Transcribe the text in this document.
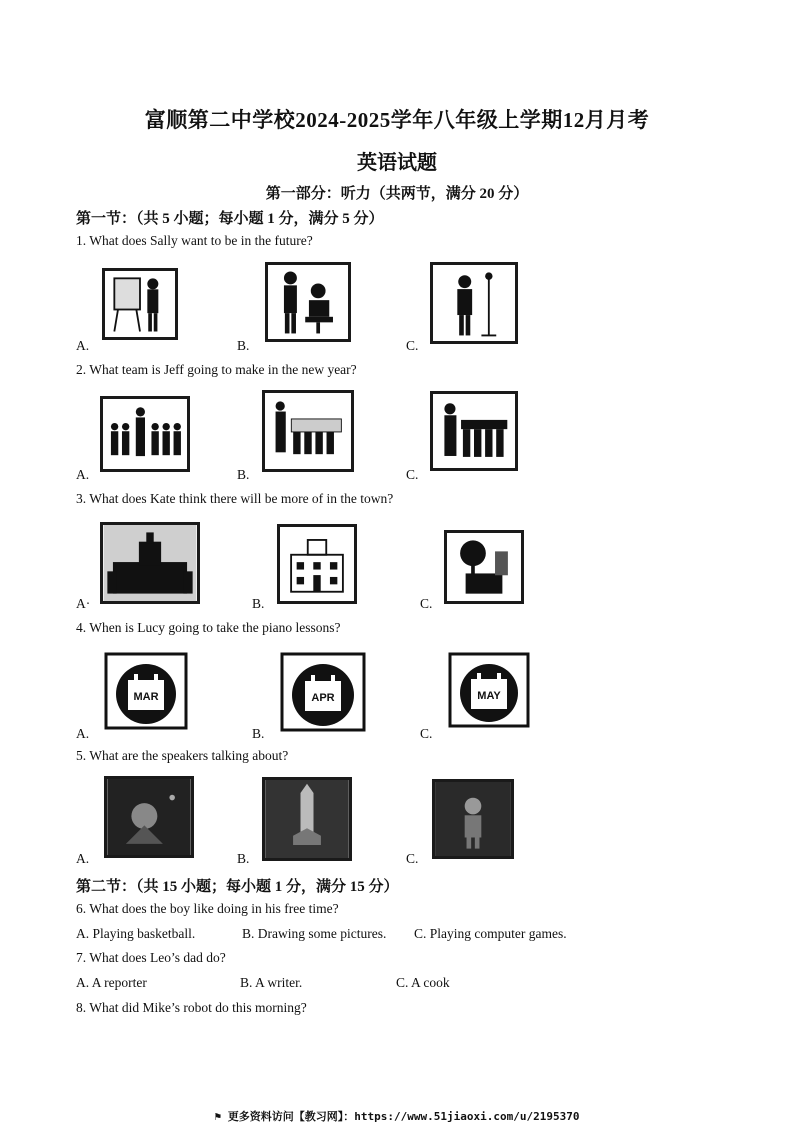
富顺第二中学校2024-2025学年八年级上学期12月月考
英语试题
第一部分：听力（共两节，满分 20 分）
第一节：（共 5 小题；每小题 1 分，满分 5 分）
1. What does Sally want to be in the future?
A.	B.	C.
2. What team is Jeff going to make in the new year?
A.	B.	C.
3. What does Kate think there will be more of in the town?
A·	B.	C.
4. When is Lucy going to take the piano lessons?
MAR
A.
APR
B.
MAY
C.
5. What are the speakers talking about?
A.	B.	C.
第二节：（共 15 小题；每小题 1 分，满分 15 分）
6. What does the boy like doing in his free time?
A. Playing basketball.	B. Drawing some pictures. C. Playing computer games.
7. What does Leo’s dad do?
A. A reporter	B. A writer.	C. A cook
8. What did Mike’s robot do this morning?
⚑ 更多资料访问【教习网】：https://www.51jiaoxi.com/u/2195370
